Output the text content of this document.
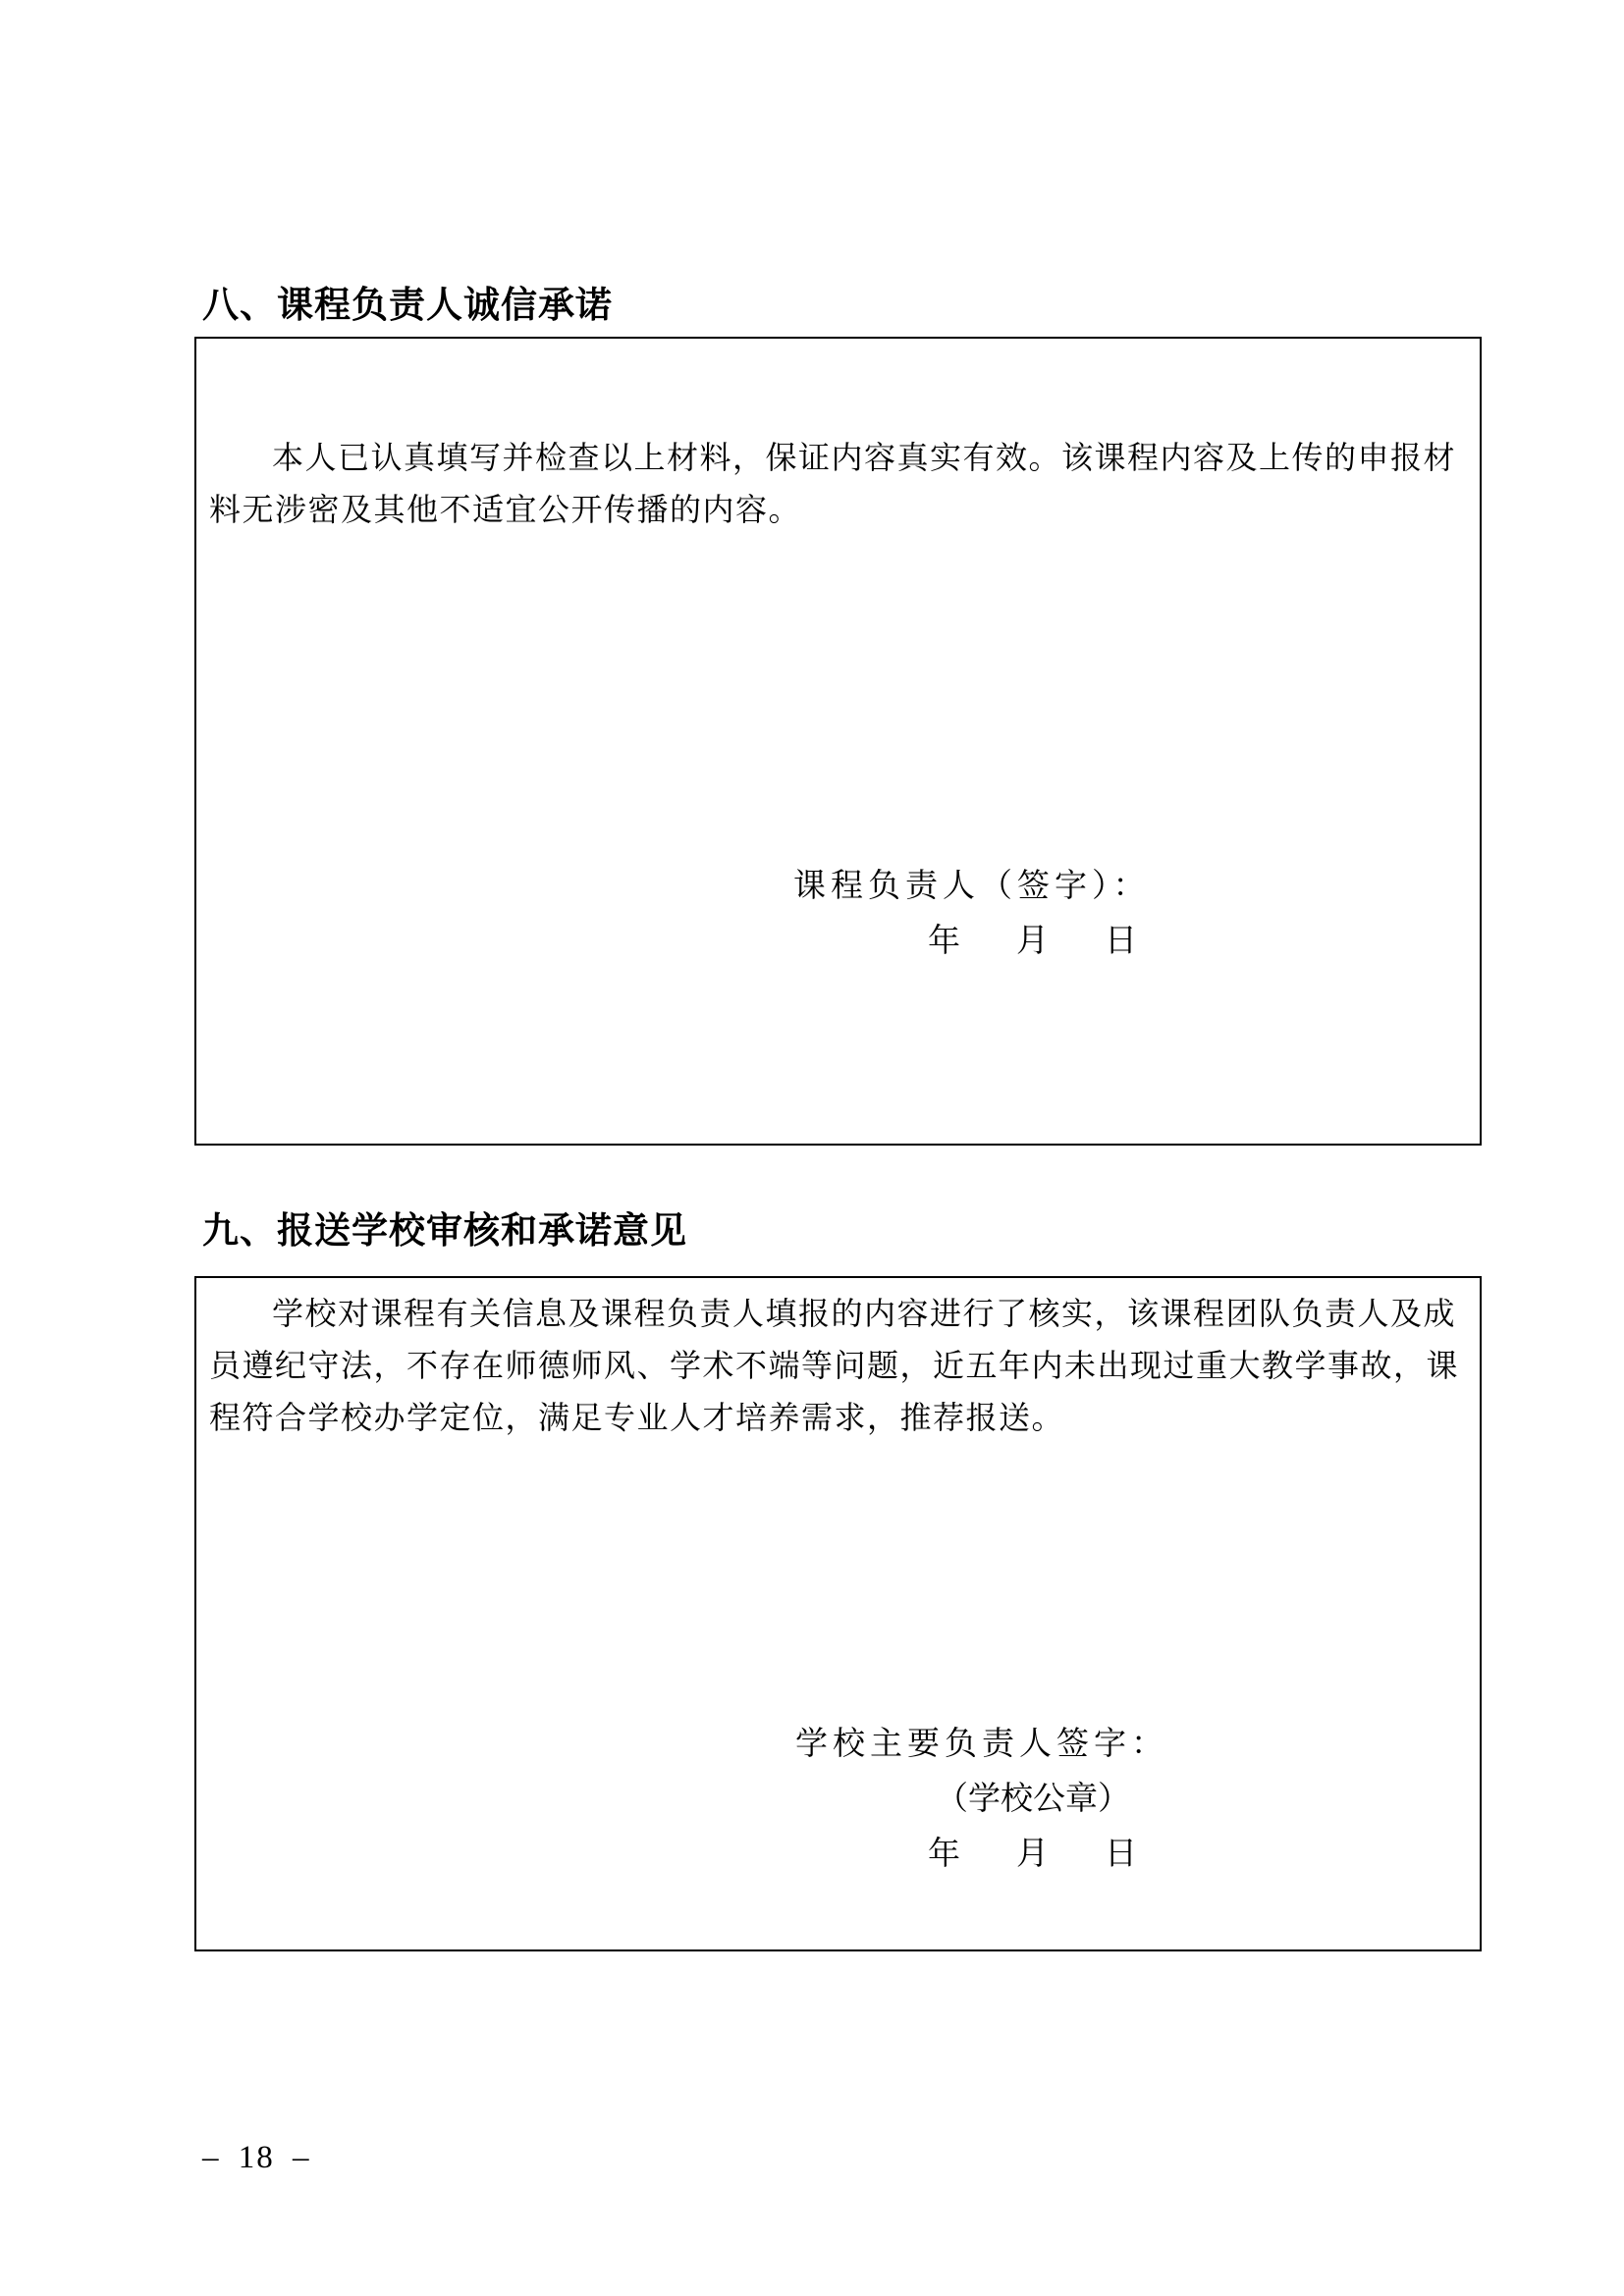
八、课程负责人诚信承诺
本人已认真填写并检查以上材料，保证内容真实有效。该课程内容及上传的申报材
料无涉密及其他不适宜公开传播的内容。
课程负责人（签字）：
年　　月　　日
九、报送学校审核和承诺意见
学校对课程有关信息及课程负责人填报的内容进行了核实，该课程团队负责人及成
员遵纪守法，不存在师德师风、学术不端等问题，近五年内未出现过重大教学事故，课
程符合学校办学定位，满足专业人才培养需求，推荐报送。
学校主要负责人签字：
（学校公章）
年　　月　　日
– 18 –
